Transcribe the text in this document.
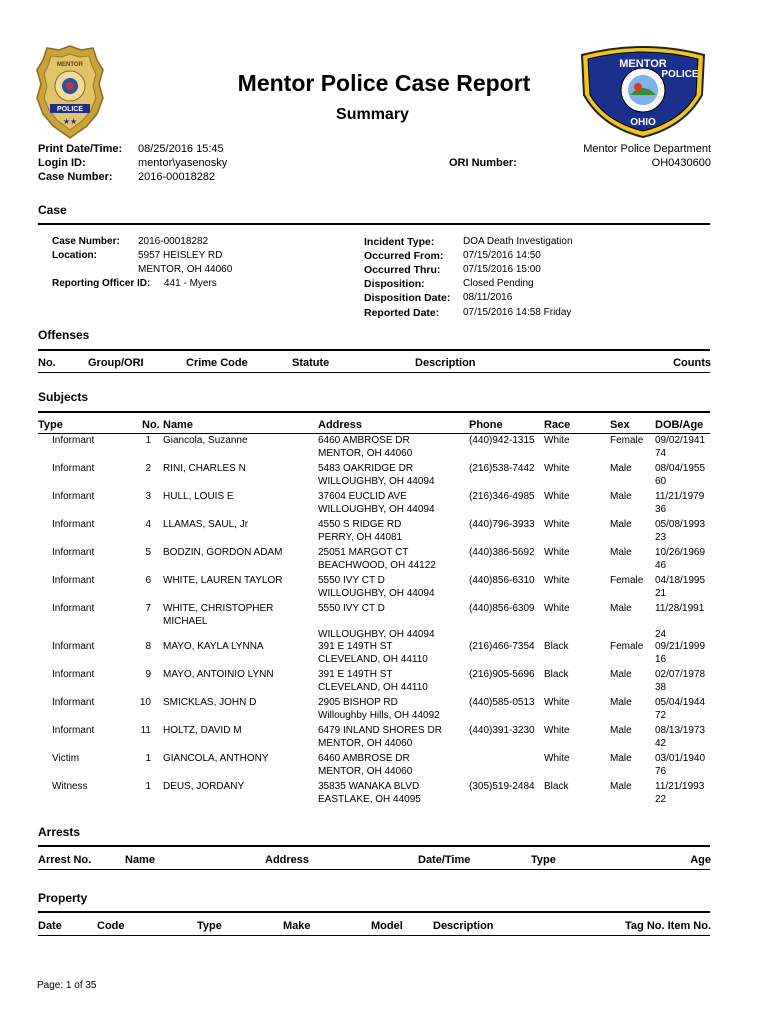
POLICE
MENTOR
★★
Mentor Police Case Report
Summary
MENTOR
POLICE
OHIO
Print Date/Time: 08/25/2016 15:45
Login ID:	mentor\yasenosky
Case Number: 2016-00018282
ORI Number:
Mentor Police Department
OH0430600
Case
Case Number: 2016-00018282
Location:	5957 HEISLEY RD
MENTOR, OH 44060
Reporting Officer ID: 441 - Myers
Incident Type:	DOA Death Investigation
Occurred From: 07/15/2016 14:50
Occurred Thru: 07/15/2016 15:00
Disposition:	Closed Pending
Disposition Date: 08/11/2016
Reported Date: 07/15/2016 14:58 Friday
Offenses
No.	Group/ORI	Crime Code	Statute	Description	Counts
Subjects
Type	No. Name	Address	Phone	Race	Sex DOB/Age
Informant	1 Giancola, Suzanne	6460 AMBROSE DR	(440)942-1315 White	Female 09/02/1941
MENTOR, OH 44060	74
Informant	2 RINI, CHARLES N	5483 OAKRIDGE DR	(216)538-7442 White	Male 08/04/1955
WILLOUGHBY, OH 44094	60
Informant	3 HULL, LOUIS E	37604 EUCLID AVE	(216)346-4985 White	Male 11/21/1979
WILLOUGHBY, OH 44094	36
Informant	4 LLAMAS, SAUL, Jr	4550 S RIDGE RD	(440)796-3933 White	Male 05/08/1993
PERRY, OH 44081	23
Informant	5 BODZIN, GORDON ADAM	25051 MARGOT CT	(440)386-5692 White	Male 10/26/1969
BEACHWOOD, OH 44122	46
Informant	6 WHITE, LAUREN TAYLOR	5550 IVY CT D	(440)856-6310 White	Female 04/18/1995
WILLOUGHBY, OH 44094	21
Informant	7 WHITE, CHRISTOPHER	5550 IVY CT D	(440)856-6309 White	Male 11/28/1991
WILLOUGHBY, OH 44094	24
MICHAEL
Informant	8 MAYO, KAYLA LYNNA	391 E 149TH ST	(216)466-7354 Black	Female 09/21/1999
CLEVELAND, OH 44110	16
Informant	9 MAYO, ANTOINIO LYNN	391 E 149TH ST	(216)905-5696 Black	Male 02/07/1978
CLEVELAND, OH 44110	38
Informant	10 SMICKLAS, JOHN D	2905 BISHOP RD	(440)585-0513 White	Male 05/04/1944
Willoughby Hills, OH 44092	72
Informant	11 HOLTZ, DAVID M	6479 INLAND SHORES DR	(440)391-3230 White	Male 08/13/1973
MENTOR, OH 44060	42
Victim	1 GIANCOLA, ANTHONY	6460 AMBROSE DR	White	Male 03/01/1940
MENTOR, OH 44060	76
Witness	1 DEUS, JORDANY	35835 WANAKA BLVD	(305)519-2484 Black	Male 11/21/1993
EASTLAKE, OH 44095	22
Arrests
Arrest No.	Name	Address	Date/Time	Type	Age
Property
Date	Code	Type	Make	Model	Description	Tag No. Item No.
Page: 1 of 35
